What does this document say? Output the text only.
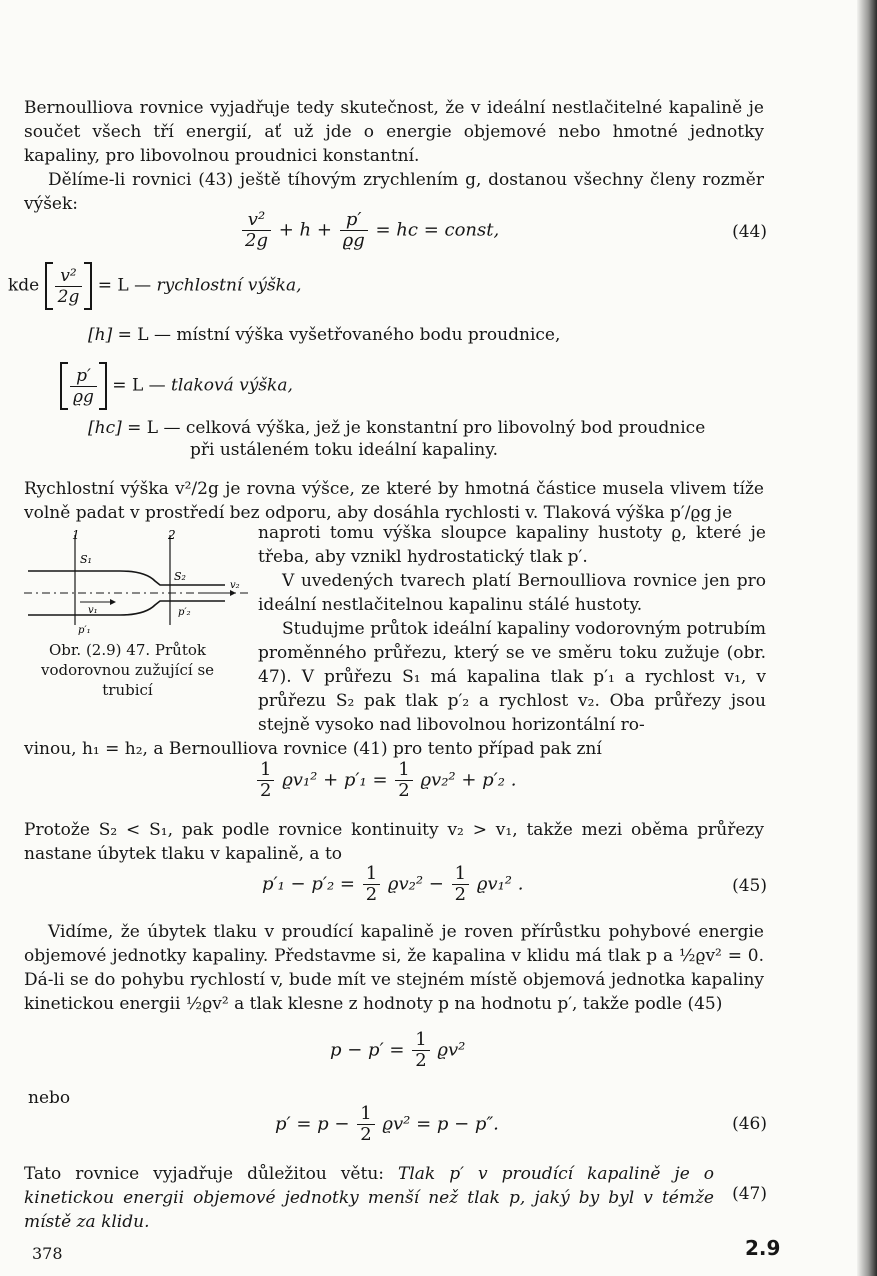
Bernoulliova rovnice vyjadřuje tedy skutečnost, že v ideální nestlačitelné kapalině je součet všech tří energií, ať už jde o energie objemové nebo hmotné jednotky kapaliny, pro libovolnou proudnici konstantní.

Dělíme-li rovnici (43) ještě tíhovým zrychlením g, dostanou všechny členy rozměr výšek:

$\frac{\text{v²}}{2g} + h + \frac{p'}{ϱg}$ = hc = const,	(44)
kde $\frac{\text{v²}}{2g} = L$ — rychlostní výška,
[h] = L — místní výška vyšetřovaného bodu proudnice,
$\frac{p'}{ϱg} = L$ — tlaková výška,
[hc] = L — celková výška, jež je konstantní pro libovolný bod proudnice
při ustáleném toku ideální kapaliny.

Rychlostní výška v²/2g je rovna výšce, ze které by hmotná částice musela vlivem tíže volně padat v prostředí bez odporu, aby dosáhla rychlosti v. Tlaková výška p′/ϱg je

1	2
S₁
S₂
v₁
v₂
p′₁
p′₂
Obr. (2.9) 47. Průtok vodorovnou zužující se trubicí

naproti tomu výška sloupce kapaliny hustoty ϱ, které je třeba, aby vznikl hydrostatický tlak p′.

V uvedených tvarech platí Bernoulliova rovnice jen pro ideální nestlačitelnou kapalinu stálé hustoty.

Studujme průtok ideální kapaliny vodorovným potrubím proměnného průřezu, který se ve směru toku zužuje (obr. 47). V průřezu S₁ má kapalina tlak p′₁ a rychlost v₁, v průřezu S₂ pak tlak p′₂ a rychlost v₂. Oba průřezy jsou stejně vysoko nad libovolnou horizontální ro-

vinou, h₁ = h₂, a Bernoulliova rovnice (41) pro tento případ pak zní

$\frac{1}{2} ϱv_1^2 + p'_1 = \frac{1}{2} ϱv_2^2 + p'_2$ .

Protože S₂ < S₁, pak podle rovnice kontinuity v₂ > v₁, takže mezi oběma průřezy nastane úbytek tlaku v kapalině, a to

$p'_1 - p'_2 = \frac{1}{2} ϱv_2^2 - \frac{1}{2} ϱv_1^2$ .	(45)

Vidíme, že úbytek tlaku v proudící kapalině je roven přírůstku pohybové energie objemové jednotky kapaliny. Představme si, že kapalina v klidu má tlak p a ½ϱv² = 0. Dá-li se do pohybu rychlostí v, bude mít ve stejném místě objemová jednotka kapaliny kinetickou energii ½ϱv² a tlak klesne z hodnoty p na hodnotu p′, takže podle (45)

$p - p' = \frac{1}{2} ϱv^2$
nebo
$p' = p - \frac{1}{2} ϱv^2 = p - p''$.	(46)

Tato rovnice vyjadřuje důležitou větu: Tlak p′ v proudící kapalině je o kinetickou energii objemové jednotky menší než tlak p, jaký by byl v témže místě za klidu.

(47)
378	2.9
